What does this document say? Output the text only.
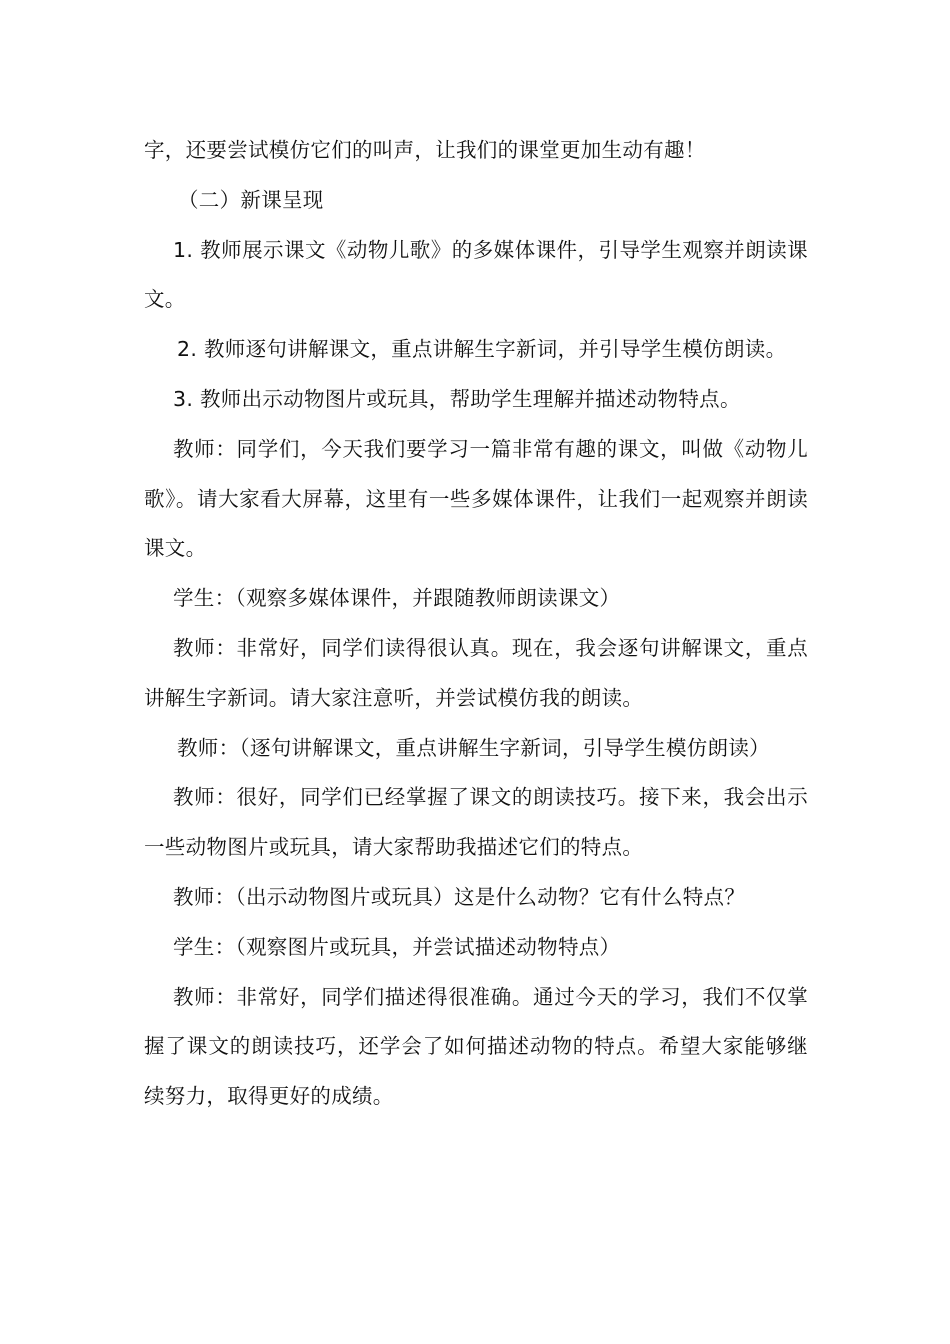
字，还要尝试模仿它们的叫声，让我们的课堂更加生动有趣！

（二）新课呈现

1. 教师展示课文《动物儿歌》的多媒体课件，引导学生观察并朗读课文。

2. 教师逐句讲解课文，重点讲解生字新词，并引导学生模仿朗读。

3. 教师出示动物图片或玩具，帮助学生理解并描述动物特点。

教师：同学们，今天我们要学习一篇非常有趣的课文，叫做《动物儿歌》。请大家看大屏幕，这里有一些多媒体课件，让我们一起观察并朗读课文。

学生：（观察多媒体课件，并跟随教师朗读课文）

教师：非常好，同学们读得很认真。现在，我会逐句讲解课文，重点讲解生字新词。请大家注意听，并尝试模仿我的朗读。

教师：（逐句讲解课文，重点讲解生字新词，引导学生模仿朗读）

教师：很好，同学们已经掌握了课文的朗读技巧。接下来，我会出示一些动物图片或玩具，请大家帮助我描述它们的特点。

教师：（出示动物图片或玩具）这是什么动物？它有什么特点？

学生：（观察图片或玩具，并尝试描述动物特点）

教师：非常好，同学们描述得很准确。通过今天的学习，我们不仅掌握了课文的朗读技巧，还学会了如何描述动物的特点。希望大家能够继续努力，取得更好的成绩。
